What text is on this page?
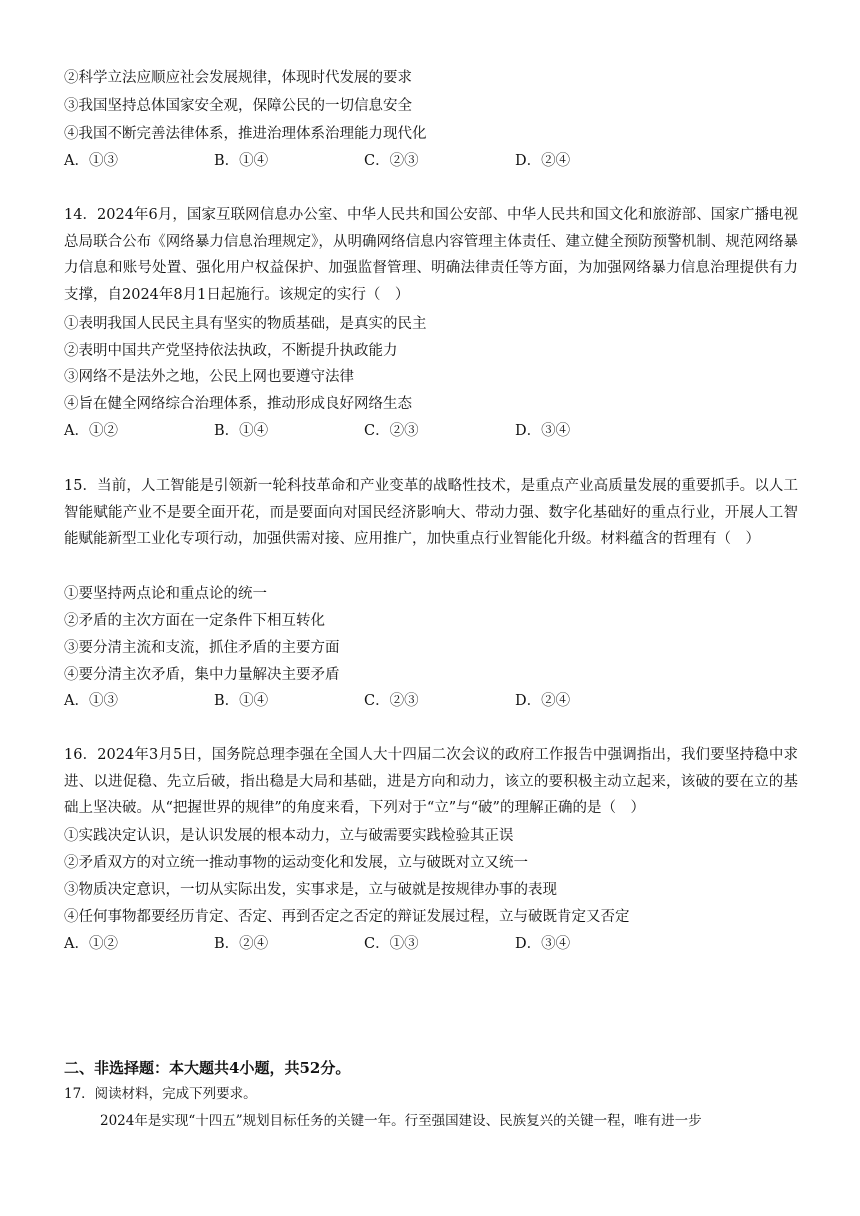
②科学立法应顺应社会发展规律，体现时代发展的要求
③我国坚持总体国家安全观，保障公民的一切信息安全
④我国不断完善法律体系，推进治理体系治理能力现代化
A．①③	B．①④	C．②③	D．②④
14．2024年6月，国家互联网信息办公室、中华人民共和国公安部、中华人民共和国文化和旅游部、国家广播电视总局联合公布《网络暴力信息治理规定》，从明确网络信息内容管理主体责任、建立健全预防预警机制、规范网络暴力信息和账号处置、强化用户权益保护、加强监督管理、明确法律责任等方面，为加强网络暴力信息治理提供有力支撑，自2024年8月1日起施行。该规定的实行（　）
①表明我国人民民主具有坚实的物质基础，是真实的民主
②表明中国共产党坚持依法执政，不断提升执政能力
③网络不是法外之地，公民上网也要遵守法律
④旨在健全网络综合治理体系，推动形成良好网络生态
A．①②	B．①④	C．②③	D．③④
15．当前，人工智能是引领新一轮科技革命和产业变革的战略性技术，是重点产业高质量发展的重要抓手。以人工智能赋能产业不是要全面开花，而是要面向对国民经济影响大、带动力强、数字化基础好的重点行业，开展人工智能赋能新型工业化专项行动，加强供需对接、应用推广，加快重点行业智能化升级。材料蕴含的哲理有（　）
①要坚持两点论和重点论的统一
②矛盾的主次方面在一定条件下相互转化
③要分清主流和支流，抓住矛盾的主要方面
④要分清主次矛盾，集中力量解决主要矛盾
A．①③	B．①④	C．②③	D．②④
16．2024年3月5日，国务院总理李强在全国人大十四届二次会议的政府工作报告中强调指出，我们要坚持稳中求进、以进促稳、先立后破，指出稳是大局和基础，进是方向和动力，该立的要积极主动立起来，该破的要在立的基础上坚决破。从“把握世界的规律”的角度来看，下列对于“立”与“破”的理解正确的是（　）
①实践决定认识，是认识发展的根本动力，立与破需要实践检验其正误
②矛盾双方的对立统一推动事物的运动变化和发展，立与破既对立又统一
③物质决定意识，一切从实际出发，实事求是，立与破就是按规律办事的表现
④任何事物都要经历肯定、否定、再到否定之否定的辩证发展过程，立与破既肯定又否定
A．①②	B．②④	C．①③	D．③④
二、非选择题：本大题共4小题，共52分。
17．阅读材料，完成下列要求。
2024年是实现“十四五”规划目标任务的关键一年。行至强国建设、民族复兴的关键一程，唯有进一步
